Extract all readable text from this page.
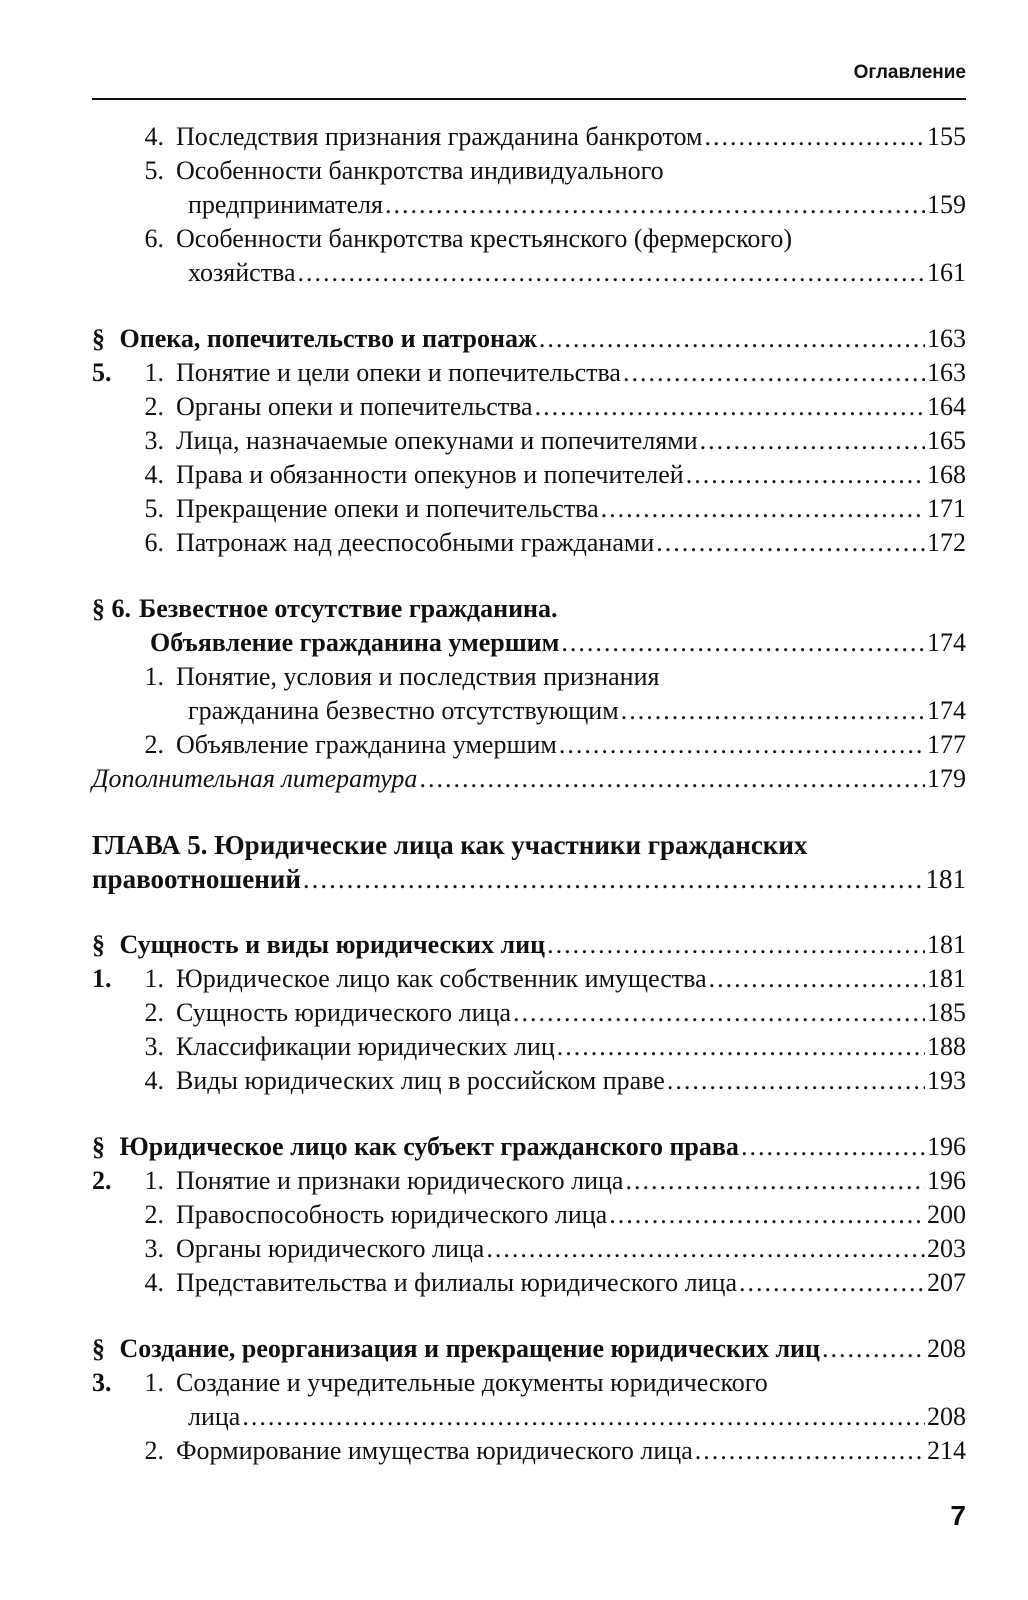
Оглавление
4. Последствия признания гражданина банкротом .....	155
5. Особенности банкротства индивидуального
предпринимателя .....	159
6. Особенности банкротства крестьянского (фермерского)
хозяйства .....	161
§ 5.
Опека, попечительство и патронаж .....	163
1. Понятие и цели опеки и попечительства .....	163
2. Органы опеки и попечительства .....	164
3. Лица, назначаемые опекунами и попечителями .....	165
4. Права и обязанности опекунов и попечителей .....	168
5. Прекращение опеки и попечительства .....	171
6. Патронаж над дееспособными гражданами .....	172
§ 6. Безвестное отсутствие гражданина.
Объявление гражданина умершим .....	174
1. Понятие, условия и последствия признания
гражданина безвестно отсутствующим .....	174
2. Объявление гражданина умершим .....	177
Дополнительная литература .....	179
ГЛАВА 5. Юридические лица как участники гражданских
правоотношений .....	181
§ 1.
Сущность и виды юридических лиц .....	181
1. Юридическое лицо как собственник имущества .....	181
2. Сущность юридического лица .....	185
3. Классификации юридических лиц .....	188
4. Виды юридических лиц в российском праве .....	193
§ 2.
Юридическое лицо как субъект гражданского права .....	196
1. Понятие и признаки юридического лица .....	196
2. Правоспособность юридического лица .....	200
3. Органы юридического лица .....	203
4. Представительства и филиалы юридического лица .....	207
§ 3.
Создание, реорганизация и прекращение юридических лиц .....	208
1. Создание и учредительные документы юридического
лица .....	208
2. Формирование имущества юридического лица .....	214
7
